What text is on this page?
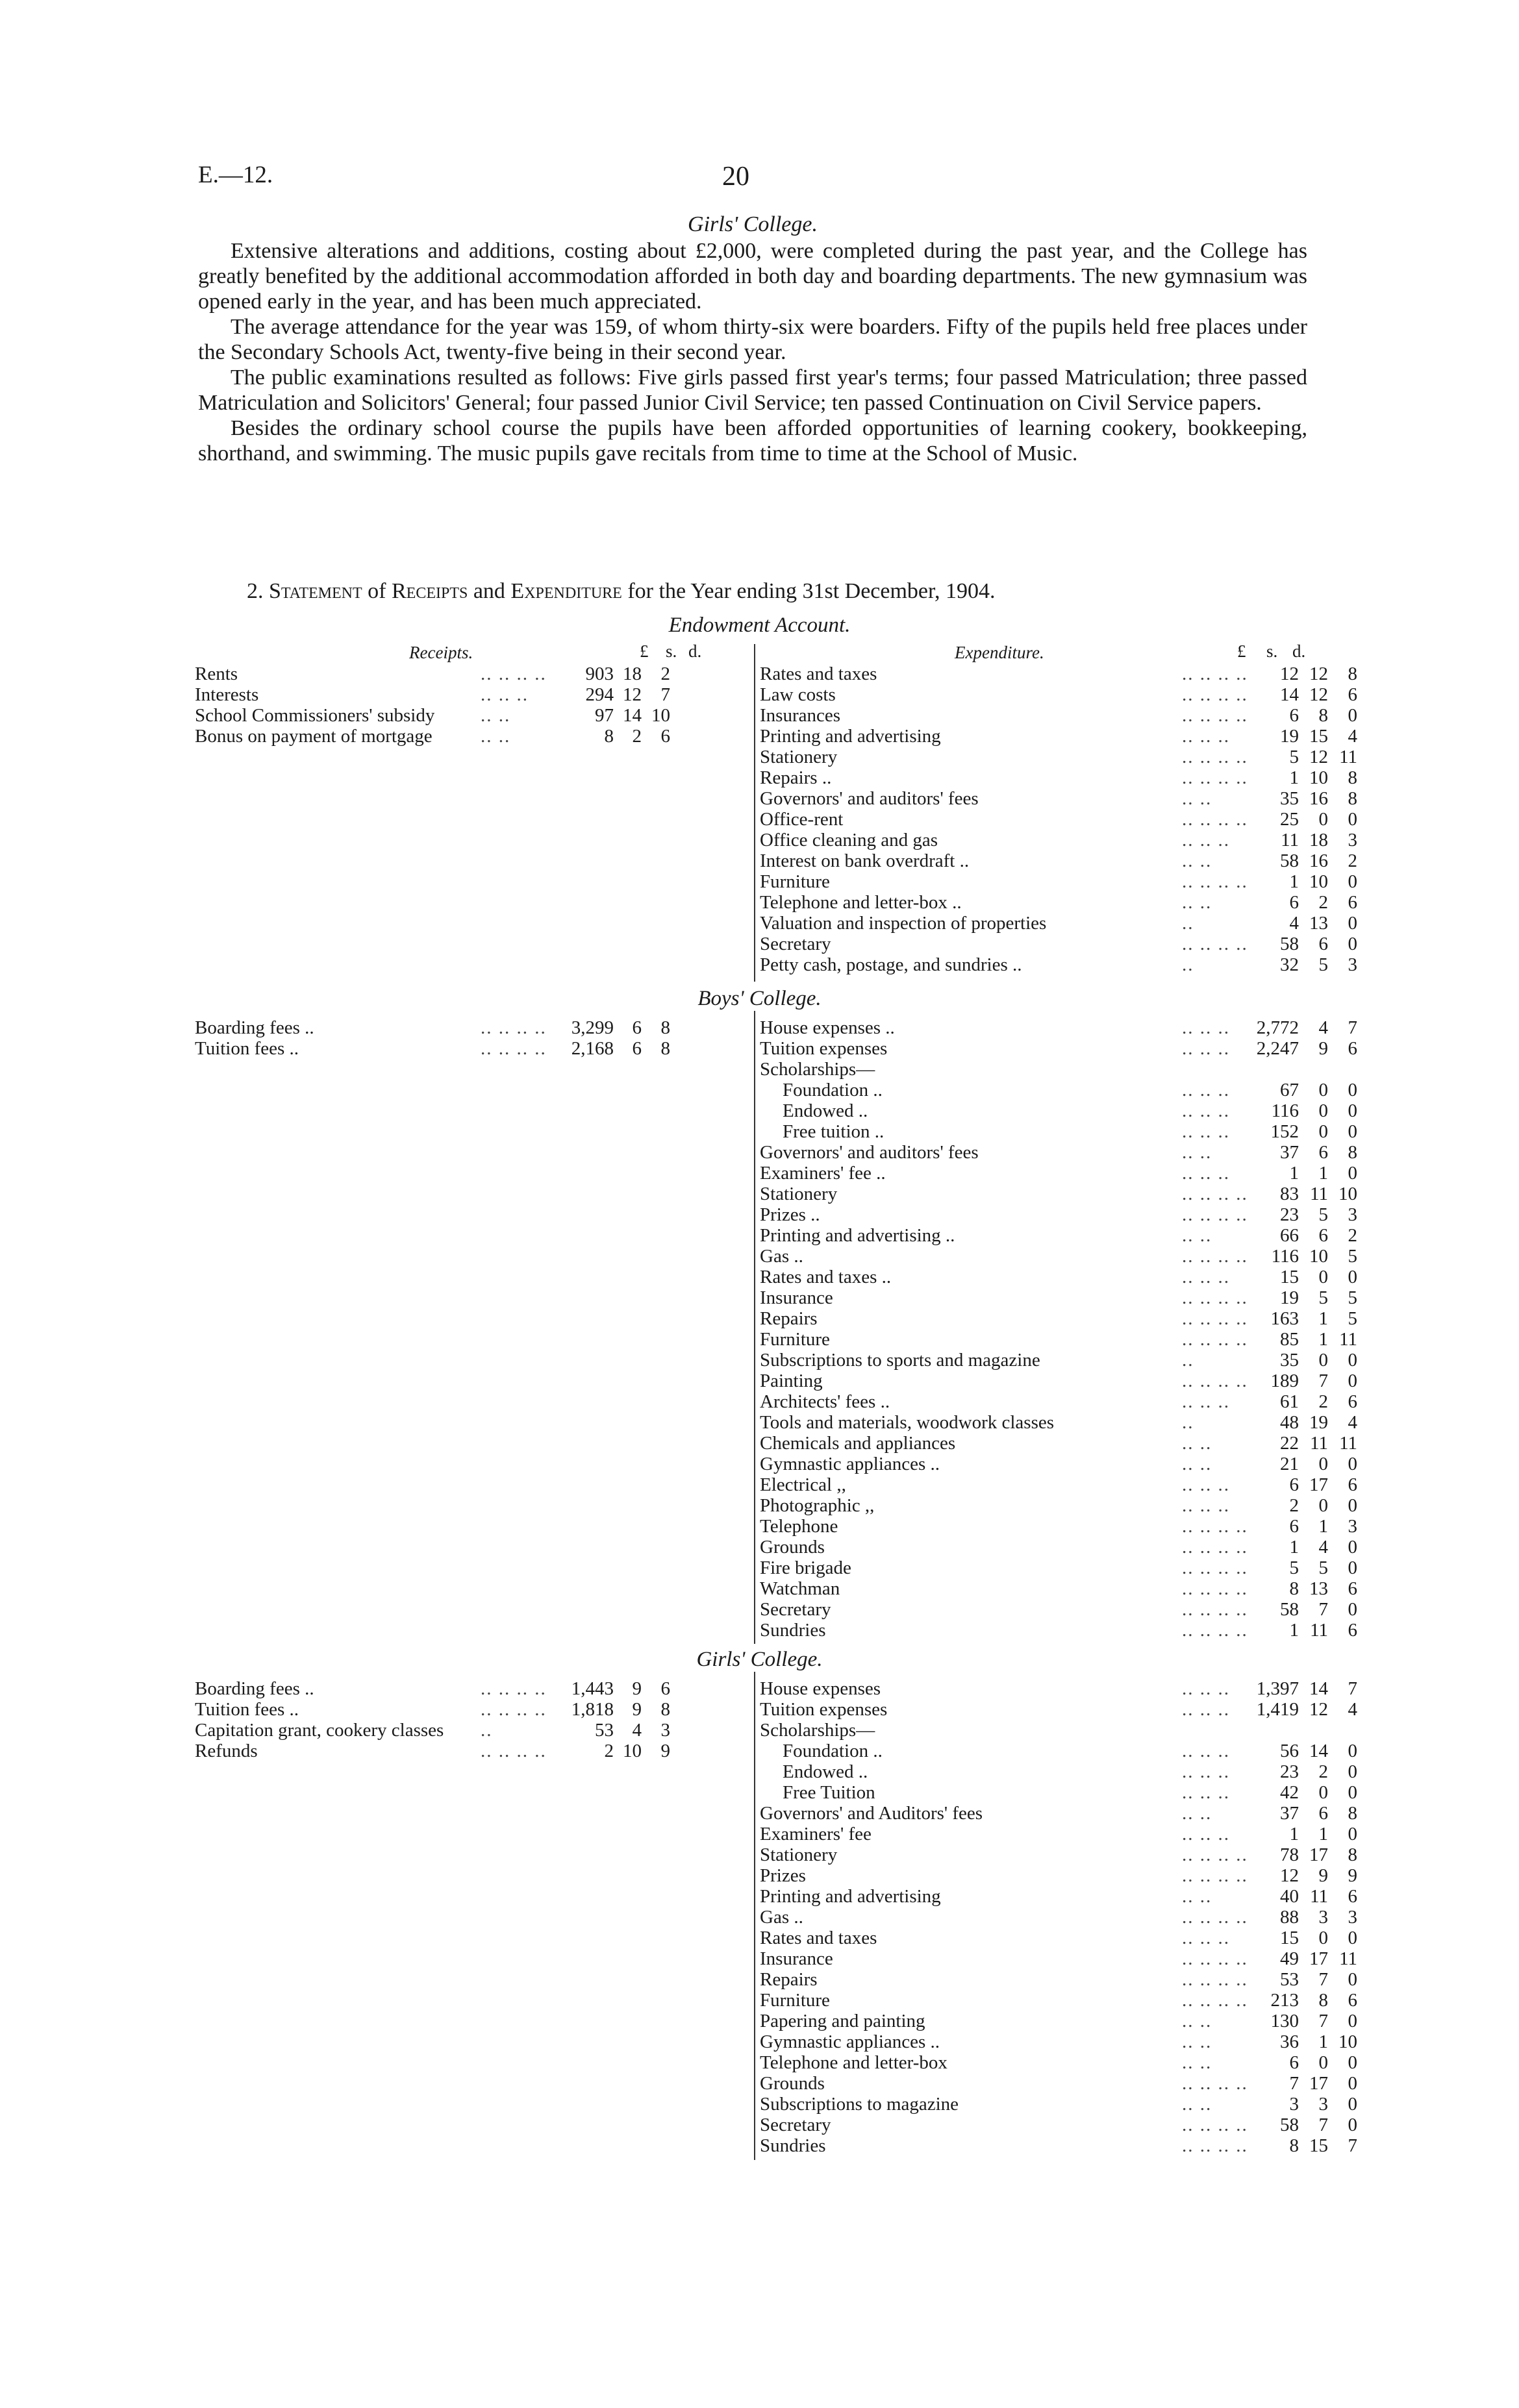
E.—12.	20
Girls' College.

Extensive alterations and additions, costing about £2,000, were completed during the past year, and the College has greatly benefited by the additional accommodation afforded in both day and boarding departments. The new gymnasium was opened early in the year, and has been much appreciated.

The average attendance for the year was 159, of whom thirty-six were boarders. Fifty of the pupils held free places under the Secondary Schools Act, twenty-five being in their second year.

The public examinations resulted as follows: Five girls passed first year's terms; four passed Matriculation; three passed Matriculation and Solicitors' General; four passed Junior Civil Service; ten passed Continuation on Civil Service papers.

Besides the ordinary school course the pupils have been afforded opportunities of learning cookery, bookkeeping, shorthand, and swimming. The music pupils gave recitals from time to time at the School of Music.

2. Statement of Receipts and Expenditure for the Year ending 31st December, 1904.
Endowment Account.
Receipts.	Expenditure.
£ s. d.	£ s. d.
Rents	.. .. .. ..	903 18	2
Interests	.. .. ..	294 12	7
School Commissioners' subsidy .. ..	97 14 10
Bonus on payment of mortgage	.. ..	8 2	6
Rates and taxes	.. .. .. ..	12 12	8
Law costs	.. .. .. ..	14 12	6
Insurances	.. .. .. ..	6	8	0
Printing and advertising	.. .. ..	19 15	4
Stationery	.. .. .. ..	5 12 11
Repairs ..	.. .. .. ..	1 10	8
Governors' and auditors' fees	.. ..	35 16	8
Office-rent	.. .. .. ..	25	0	0
Office cleaning and gas	.. .. ..	11 18	3
Interest on bank overdraft ..	.. ..	58 16	2
Furniture	.. .. .. ..	1 10	0
Telephone and letter-box ..	.. ..	6	2	6
Valuation and inspection of properties	..	4 13	0
Secretary	.. .. .. ..	58	6	0
Petty cash, postage, and sundries ..	..	32	5	3
Boys' College.
Boarding fees ..	.. .. .. ..	3,299 6	8
Tuition fees ..	.. .. .. ..	2,168 6	8
House expenses ..	.. .. ..	2,772	4	7
Tuition expenses	.. .. ..	2,247	9	6
Scholarships—
Foundation ..	.. .. ..	67	0	0
Endowed ..	.. .. ..	116	0	0
Free tuition ..	.. .. ..	152	0	0
Governors' and auditors' fees	.. ..	37	6	8
Examiners' fee ..	.. .. ..	1	1	0
Stationery	.. .. .. ..	83 11 10
Prizes ..	.. .. .. ..	23	5	3
Printing and advertising ..	.. ..	66	6	2
Gas ..	.. .. .. ..	116 10	5
Rates and taxes ..	.. .. ..	15	0	0
Insurance	.. .. .. ..	19	5	5
Repairs	.. .. .. ..	163	1	5
Furniture	.. .. .. ..	85	1 11
Subscriptions to sports and magazine	..	35	0	0
Painting	.. .. .. ..	189	7	0
Architects' fees ..	.. .. ..	61	2	6
Tools and materials, woodwork classes	..	48 19	4
Chemicals and appliances	.. ..	22 11 11
Gymnastic appliances ..	.. ..	21	0	0
Electrical ,,	.. .. ..	6 17	6
Photographic ,,	.. .. ..	2	0	0
Telephone	.. .. .. ..	6	1	3
Grounds	.. .. .. ..	1	4	0
Fire brigade	.. .. .. ..	5	5	0
Watchman	.. .. .. ..	8 13	6
Secretary	.. .. .. ..	58	7	0
Sundries	.. .. .. ..	1 11	6
Girls' College.
Boarding fees ..	.. .. .. ..	1,443 9	6
Tuition fees ..	.. .. .. ..	1,818 9	8
Capitation grant, cookery classes ..	53 4	3
Refunds	.. .. .. ..	2 10	9
House expenses	.. .. ..	1,397 14	7
Tuition expenses	.. .. ..	1,419 12	4
Scholarships—
Foundation ..	.. .. ..	56 14	0
Endowed ..	.. .. ..	23	2	0
Free Tuition	.. .. ..	42	0	0
Governors' and Auditors' fees	.. ..	37	6	8
Examiners' fee	.. .. ..	1	1	0
Stationery	.. .. .. ..	78 17	8
Prizes	.. .. .. ..	12	9	9
Printing and advertising	.. ..	40 11	6
Gas ..	.. .. .. ..	88	3	3
Rates and taxes	.. .. ..	15	0	0
Insurance	.. .. .. ..	49 17 11
Repairs	.. .. .. ..	53	7	0
Furniture	.. .. .. ..	213	8	6
Papering and painting	.. ..	130	7	0
Gymnastic appliances ..	.. ..	36	1 10
Telephone and letter-box	.. ..	6	0	0
Grounds	.. .. .. ..	7 17	0
Subscriptions to magazine	.. ..	3	3	0
Secretary	.. .. .. ..	58	7	0
Sundries	.. .. .. ..	8 15	7
